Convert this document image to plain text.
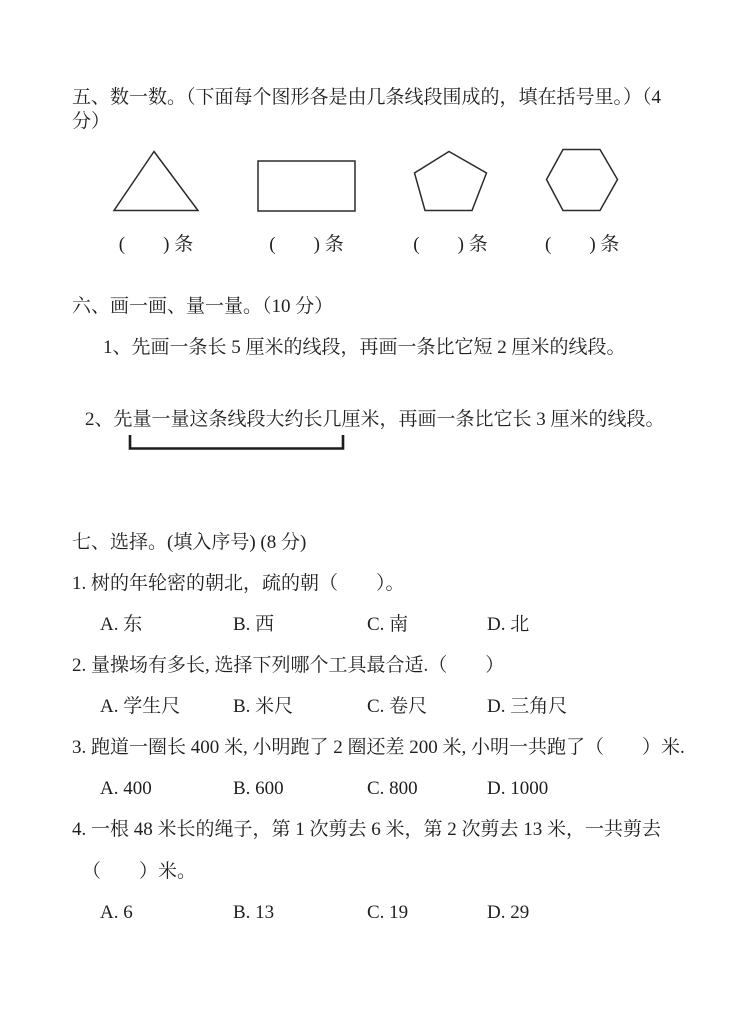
五、数一数。（下面每个图形各是由几条线段围成的，填在括号里。）（4 分）

(　　) 条	(　　) 条	(　　) 条	(　　) 条

六、画一画、量一量。（10 分）

1、先画一条长 5 厘米的线段，再画一条比它短 2 厘米的线段。

2、先量一量这条线段大约长几厘米，再画一条比它长 3 厘米的线段。

七、选择。(填入序号) (8 分)

1. 树的年轮密的朝北，疏的朝（　　）。

A. 东	B. 西	C. 南	D. 北

2. 量操场有多长, 选择下列哪个工具最合适.（　　）

A. 学生尺	B. 米尺	C. 卷尺	D. 三角尺

3. 跑道一圈长 400 米, 小明跑了 2 圈还差 200 米, 小明一共跑了（　　）米.

A. 400	B. 600	C. 800	D. 1000

4. 一根 48 米长的绳子，第 1 次剪去 6 米，第 2 次剪去 13 米，一共剪去

（　　）米。

A. 6	B. 13	C. 19	D. 29
